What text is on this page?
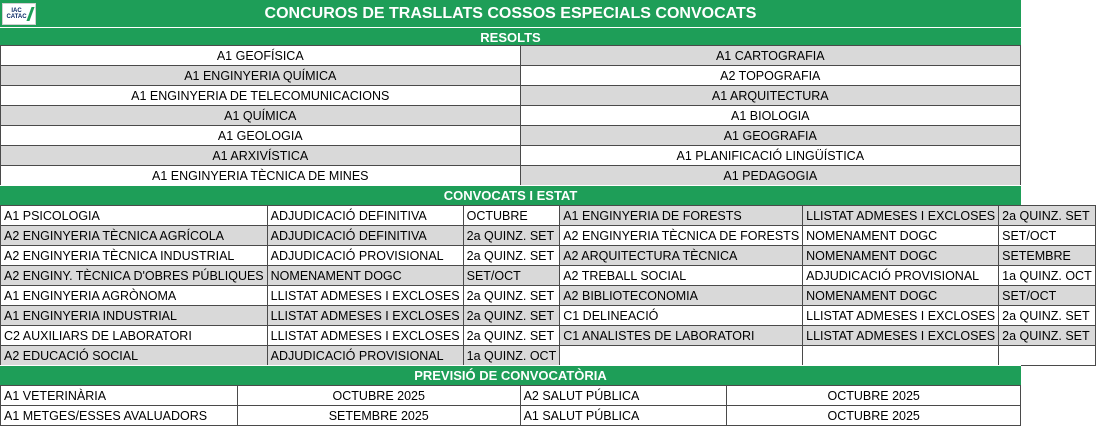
CONCUROS DE TRASLLATS COSSOS ESPECIALS CONVOCATS
IAC
CATAC
RESOLTS
A1 GEOFÍSICA	A1 CARTOGRAFIA
A1 ENGINYERIA QUÍMICA	A2 TOPOGRAFIA
A1 ENGINYERIA DE TELECOMUNICACIONS	A1 ARQUITECTURA
A1 QUÍMICA	A1 BIOLOGIA
A1 GEOLOGIA	A1 GEOGRAFIA
A1 ARXIVÍSTICA	A1 PLANIFICACIÓ LINGÜÍSTICA
A1 ENGINYERIA TÈCNICA DE MINES	A1 PEDAGOGIA
CONVOCATS I ESTAT
A1 PSICOLOGIA	ADJUDICACIÓ DEFINITIVA	OCTUBRE	A1 ENGINYERIA DE FORESTS	LLISTAT ADMESES I EXCLOSES	2a QUINZ. SET
A2 ENGINYERIA TÈCNICA AGRÍCOLA	ADJUDICACIÓ DEFINITIVA	2a QUINZ. SET	A2 ENGINYERIA TÈCNICA DE FORESTS	NOMENAMENT DOGC	SET/OCT
A2 ENGINYERIA TÈCNICA INDUSTRIAL	ADJUDICACIÓ PROVISIONAL	2a QUINZ. SET	A2 ARQUITECTURA TÈCNICA	NOMENAMENT DOGC	SETEMBRE
A2 ENGINY. TÈCNICA D'OBRES PÚBLIQUES	NOMENAMENT DOGC	SET/OCT	A2 TREBALL SOCIAL	ADJUDICACIÓ PROVISIONAL	1a QUINZ. OCT
A1 ENGINYERIA AGRÒNOMA	LLISTAT ADMESES I EXCLOSES	2a QUINZ. SET	A2 BIBLIOTECONOMIA	NOMENAMENT DOGC	SET/OCT
A1 ENGINYERIA INDUSTRIAL	LLISTAT ADMESES I EXCLOSES	2a QUINZ. SET	C1 DELINEACIÓ	LLISTAT ADMESES I EXCLOSES	2a QUINZ. SET
C2 AUXILIARS DE LABORATORI	LLISTAT ADMESES I EXCLOSES	2a QUINZ. SET	C1 ANALISTES DE LABORATORI	LLISTAT ADMESES I EXCLOSES	2a QUINZ. SET
A2 EDUCACIÓ SOCIAL	ADJUDICACIÓ PROVISIONAL	1a QUINZ. OCT			
PREVISIÓ DE CONVOCATÒRIA
A1 VETERINÀRIA	OCTUBRE 2025	A2 SALUT PÚBLICA	OCTUBRE 2025
A1 METGES/ESSES AVALUADORS	SETEMBRE 2025	A1 SALUT PÚBLICA	OCTUBRE 2025
